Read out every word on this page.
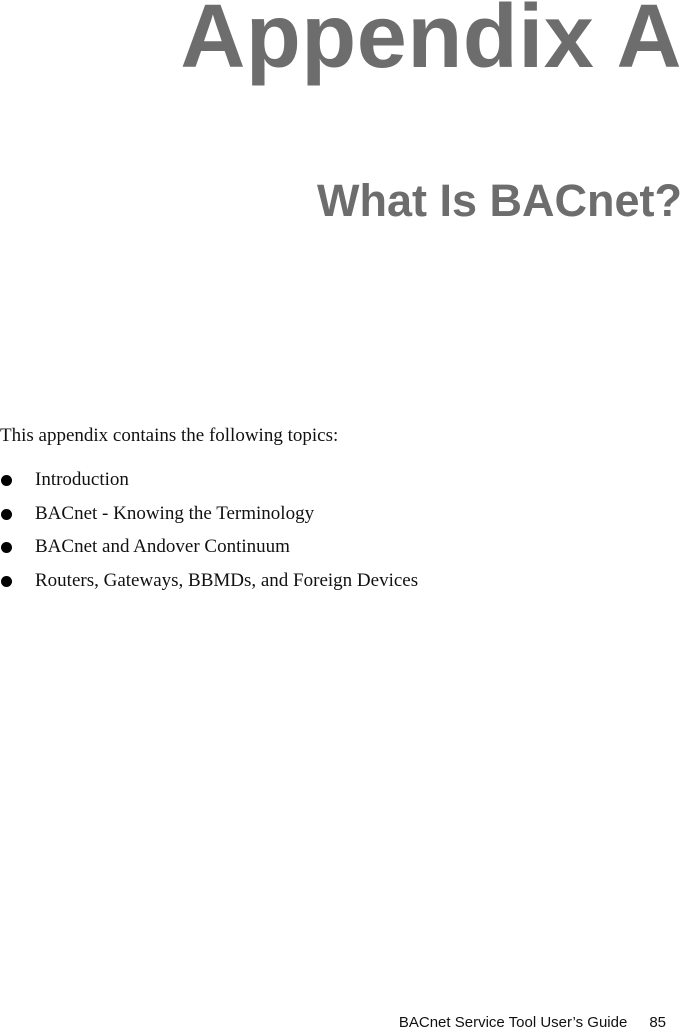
Appendix A
What Is BACnet?

This appendix contains the following topics:

Introduction
BACnet - Knowing the Terminology
BACnet and Andover Continuum
Routers, Gateways, BBMDs, and Foreign Devices
BACnet Service Tool User’s Guide 85
